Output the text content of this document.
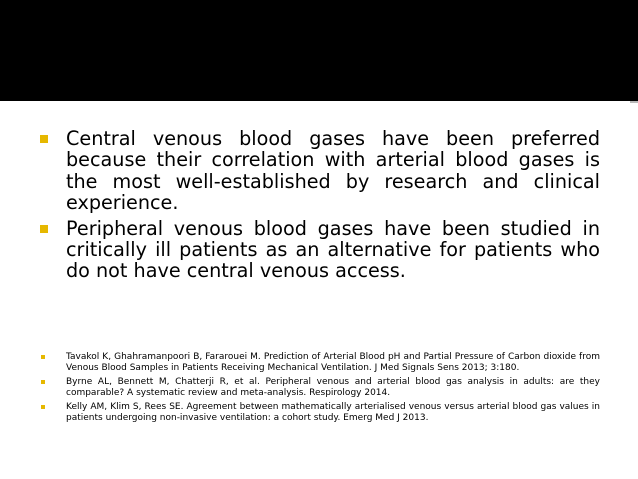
Central venous blood gases have been preferred because their correlation with arterial blood gases is the most well-established by research and clinical experience.
Peripheral venous blood gases have been studied in critically ill patients as an alternative for patients who do not have central venous access.
Tavakol K, Ghahramanpoori B, Fararouei M. Prediction of Arterial Blood pH and Partial Pressure of Carbon dioxide from Venous Blood Samples in Patients Receiving Mechanical Ventilation. J Med Signals Sens 2013; 3:180.
Byrne AL, Bennett M, Chatterji R, et al. Peripheral venous and arterial blood gas analysis in adults: are they comparable? A systematic review and meta-analysis. Respirology 2014.
Kelly AM, Klim S, Rees SE. Agreement between mathematically arterialised venous versus arterial blood gas values in patients undergoing non-invasive ventilation: a cohort study. Emerg Med J 2013.
